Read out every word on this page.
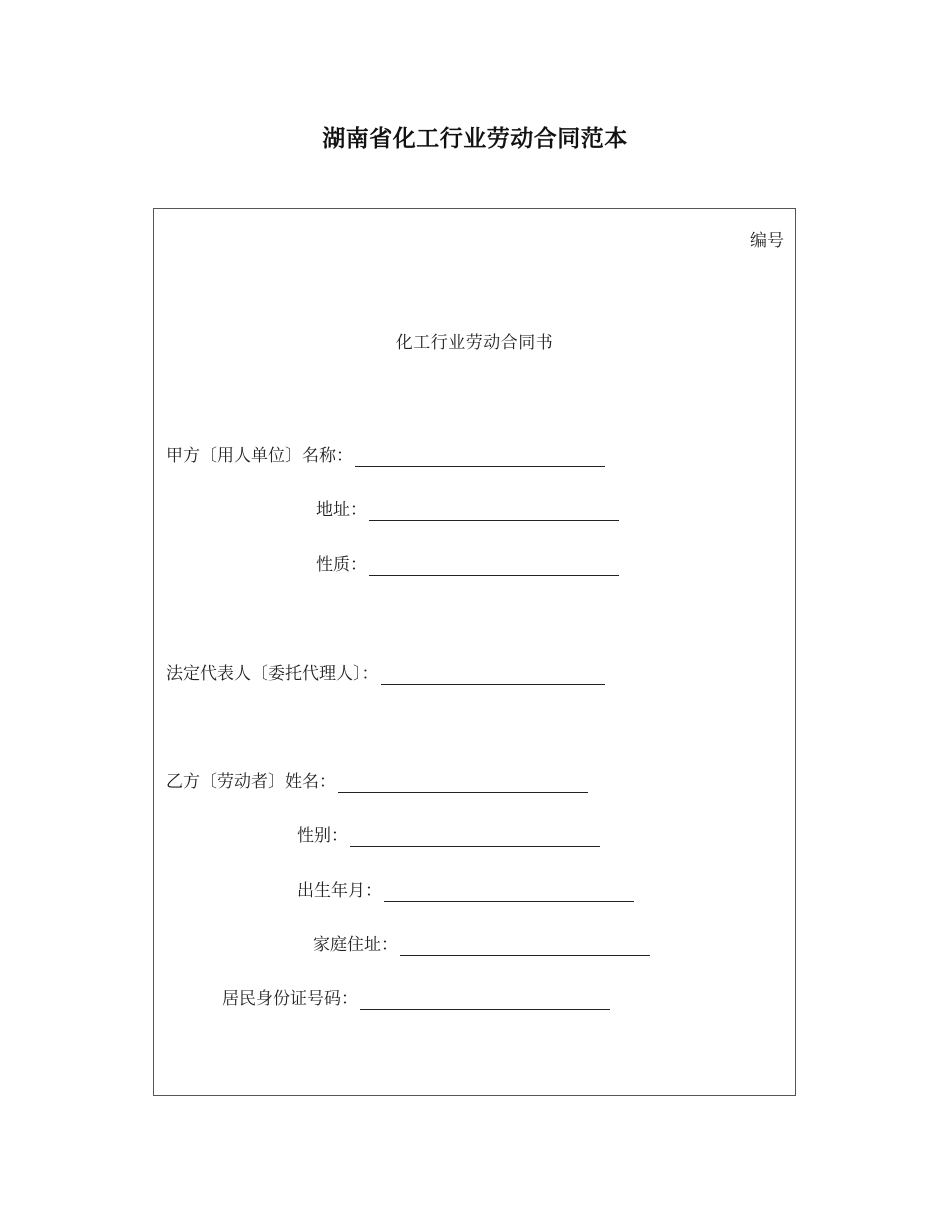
湖南省化工行业劳动合同范本
编号
化工行业劳动合同书
甲方〔用人单位〕 名称：
地址：
性质：
法定代表人〔委托代理人〕：
乙方〔劳动者〕 姓名：
性别：
出生年月：
家庭住址：
居民身份证号码：
